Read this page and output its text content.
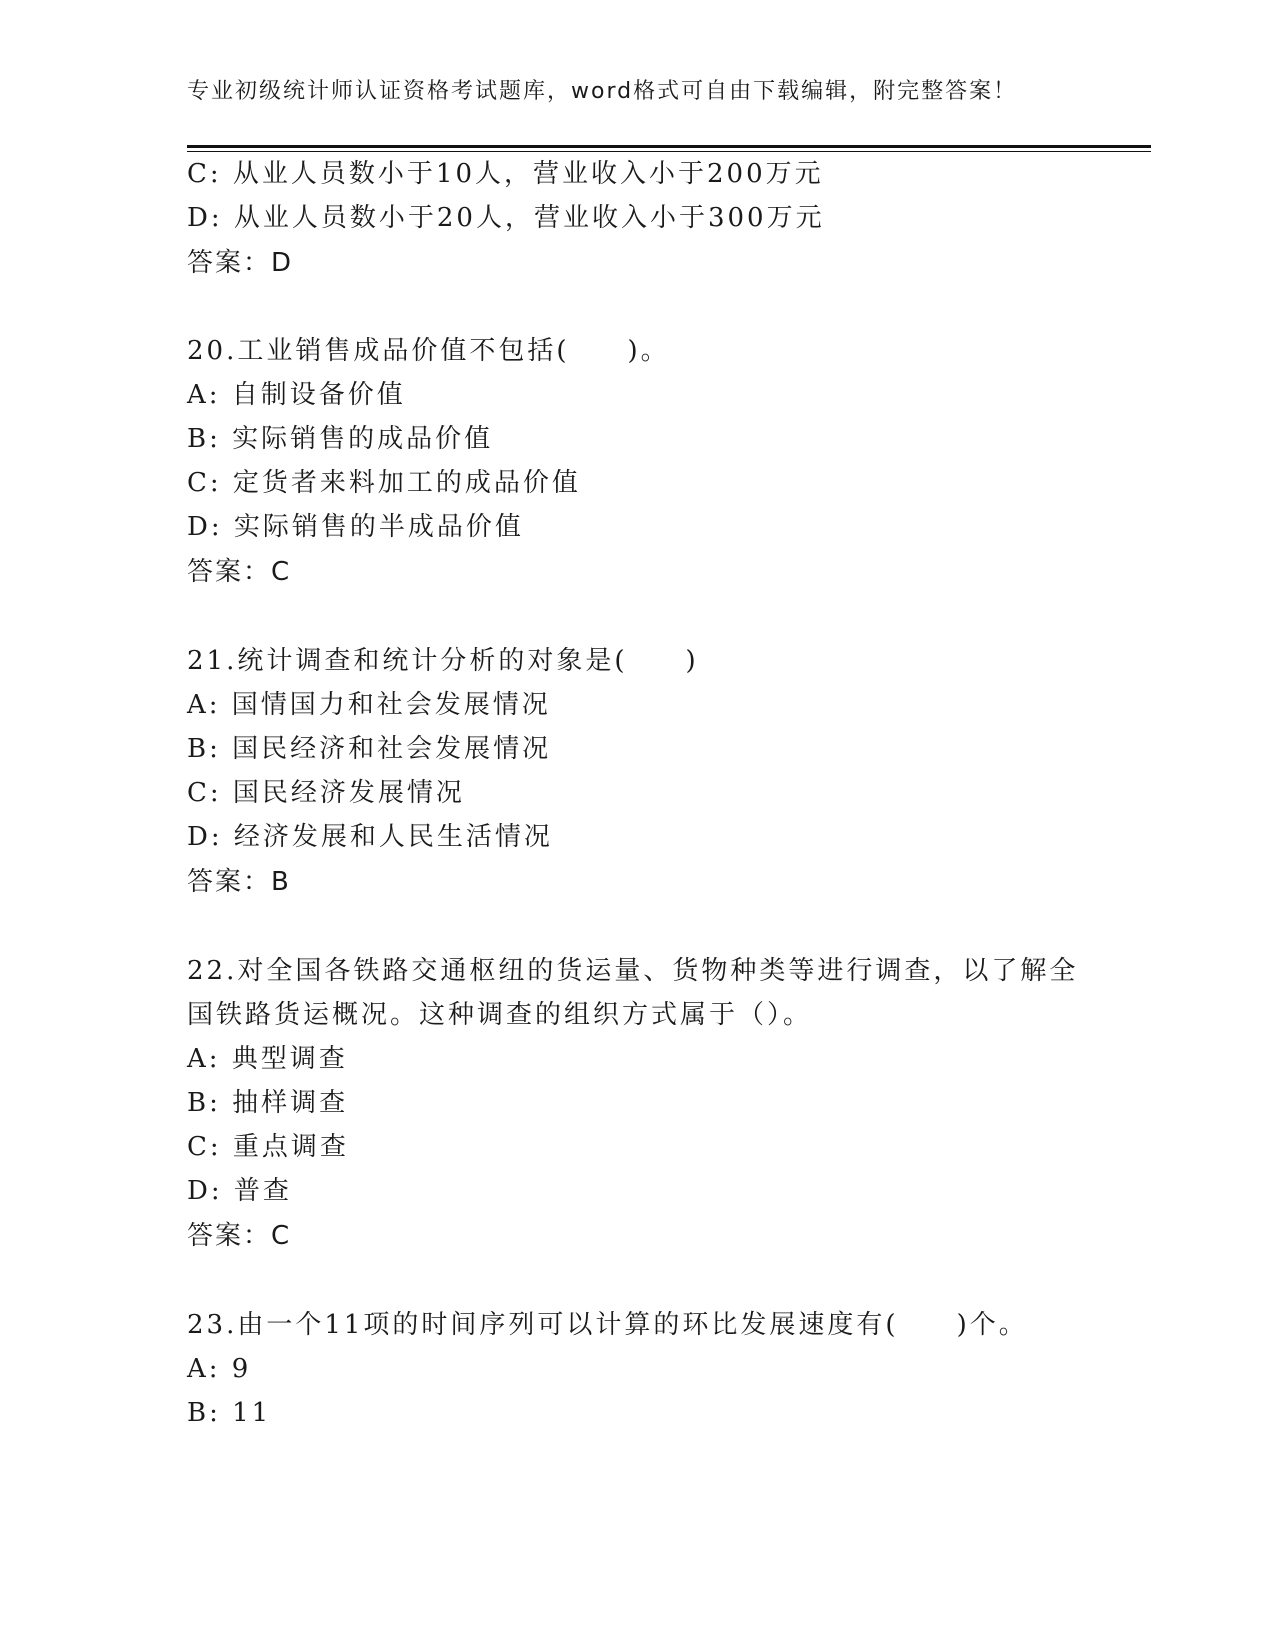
专业初级统计师认证资格考试题库，word格式可自由下载编辑，附完整答案！
C: 从业人员数小于10人，营业收入小于200万元
D: 从业人员数小于20人，营业收入小于300万元
答案：D
20.工业销售成品价值不包括(　　)。
A: 自制设备价值
B: 实际销售的成品价值
C: 定货者来料加工的成品价值
D: 实际销售的半成品价值
答案：C
21.统计调查和统计分析的对象是(　　)
A: 国情国力和社会发展情况
B: 国民经济和社会发展情况
C: 国民经济发展情况
D: 经济发展和人民生活情况
答案：B
22.对全国各铁路交通枢纽的货运量、货物种类等进行调查，以了解全
国铁路货运概况。这种调查的组织方式属于（）。
A: 典型调查
B: 抽样调查
C: 重点调查
D: 普查
答案：C
23.由一个11项的时间序列可以计算的环比发展速度有(　　)个。
A: 9
B: 11
